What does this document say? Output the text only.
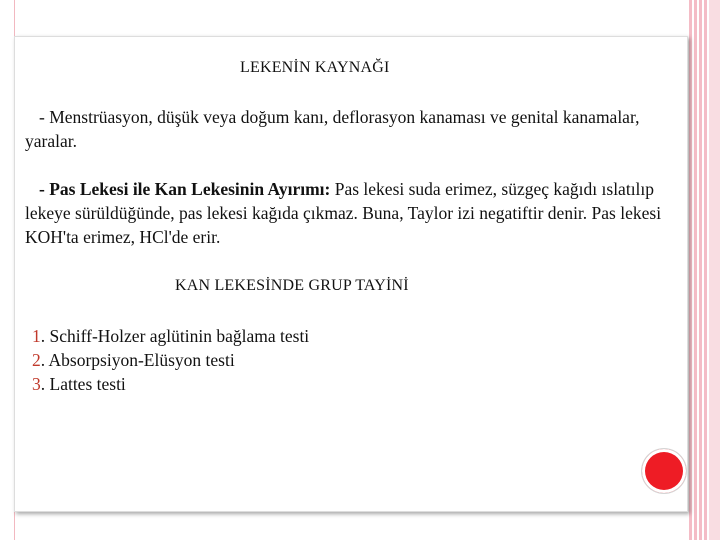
LEKENİN KAYNAĞI

- Menstrüasyon, düşük veya doğum kanı, deflorasyon kanaması ve genital kanamalar, yaralar.

- Pas Lekesi ile Kan Lekesinin Ayırımı: Pas lekesi suda erimez, süzgeç kağıdı ıslatılıp lekeye sürüldüğünde, pas lekesi kağıda çıkmaz. Buna, Taylor izi negatiftir denir. Pas lekesi KOH'ta erimez, HCl'de erir.

KAN LEKESİNDE GRUP TAYİNİ
1. Schiff-Holzer aglütinin bağlama testi
2. Absorpsiyon-Elüsyon testi
3. Lattes testi
